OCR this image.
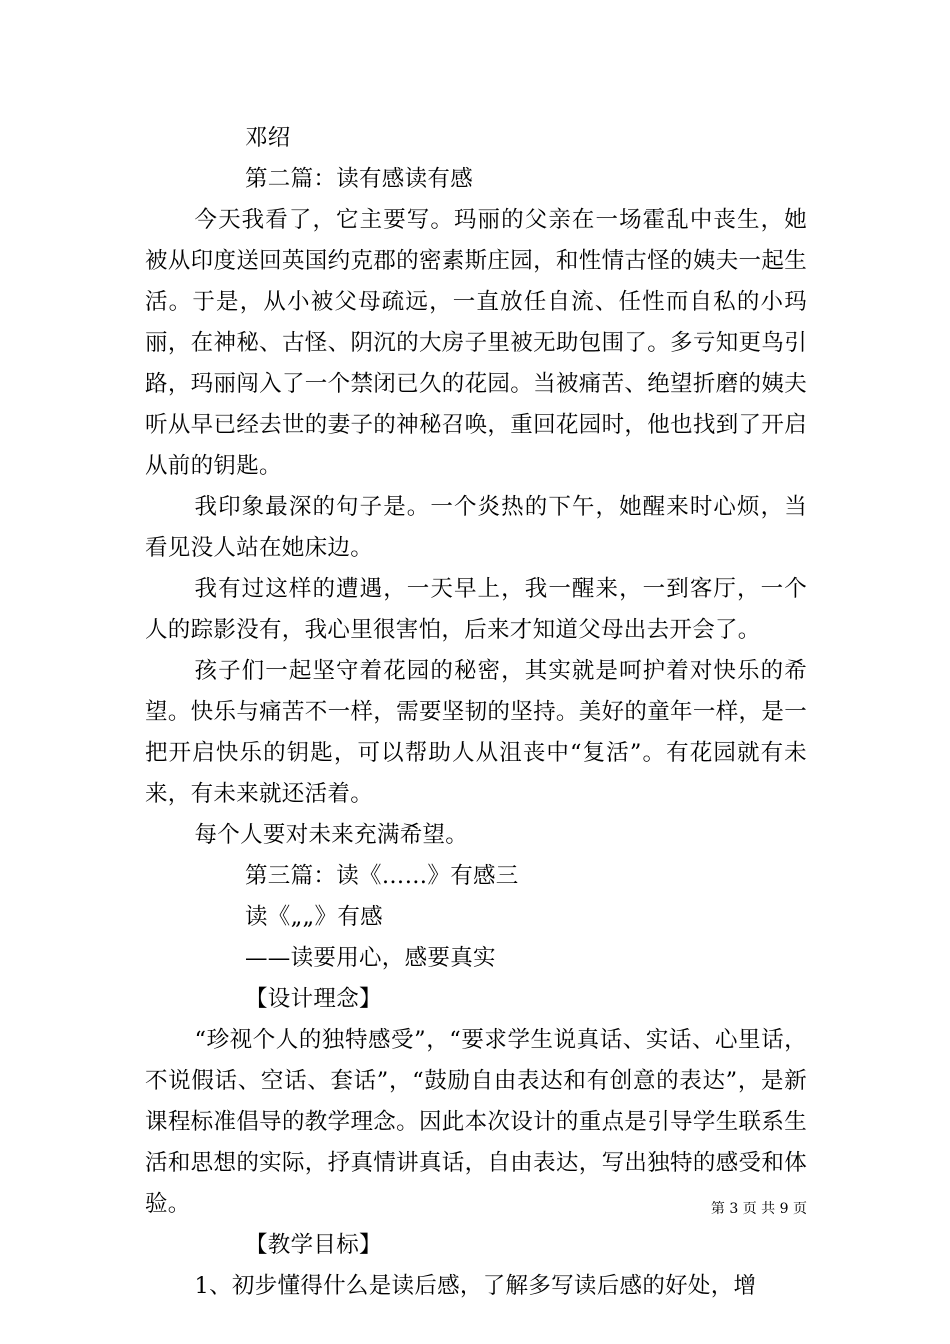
邓绍

第二篇：读有感读有感

今天我看了，它主要写。玛丽的父亲在一场霍乱中丧生，她被从印度送回英国约克郡的密素斯庄园，和性情古怪的姨夫一起生活。于是，从小被父母疏远，一直放任自流、任性而自私的小玛丽，在神秘、古怪、阴沉的大房子里被无助包围了。多亏知更鸟引路，玛丽闯入了一个禁闭已久的花园。当被痛苦、绝望折磨的姨夫听从早已经去世的妻子的神秘召唤，重回花园时，他也找到了开启从前的钥匙。

我印象最深的句子是。一个炎热的下午，她醒来时心烦，当看见没人站在她床边。

我有过这样的遭遇，一天早上，我一醒来，一到客厅，一个人的踪影没有，我心里很害怕，后来才知道父母出去开会了。

孩子们一起坚守着花园的秘密，其实就是呵护着对快乐的希望。快乐与痛苦不一样，需要坚韧的坚持。美好的童年一样，是一把开启快乐的钥匙，可以帮助人从沮丧中“复活”。有花园就有未来，有未来就还活着。

每个人要对未来充满希望。

第三篇：读《……》有感三

读《„„》有感

——读要用心，感要真实

【设计理念】

“珍视个人的独特感受”，“要求学生说真话、实话、心里话，不说假话、空话、套话”，“鼓励自由表达和有创意的表达”，是新课程标准倡导的教学理念。因此本次设计的重点是引导学生联系生活和思想的实际，抒真情讲真话，自由表达，写出独特的感受和体验。

【教学目标】

1、初步懂得什么是读后感，了解多写读后感的好处，增

第 3 页 共 9 页
